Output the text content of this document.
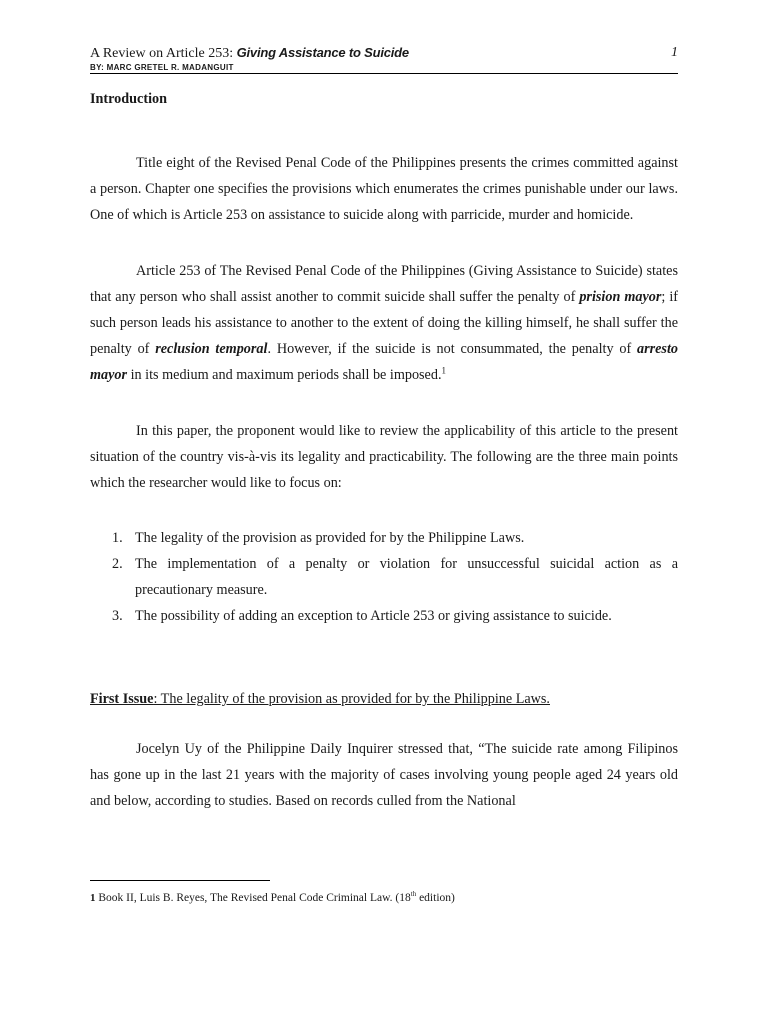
A Review on Article 253: Giving Assistance to Suicide	1
BY: MARC GRETEL R. MADANGUIT
Introduction

Title eight of the Revised Penal Code of the Philippines presents the crimes committed against a person. Chapter one specifies the provisions which enumerates the crimes punishable under our laws. One of which is Article 253 on assistance to suicide along with parricide, murder and homicide.

Article 253 of The Revised Penal Code of the Philippines (Giving Assistance to Suicide) states that any person who shall assist another to commit suicide shall suffer the penalty of prision mayor; if such person leads his assistance to another to the extent of doing the killing himself, he shall suffer the penalty of reclusion temporal. However, if the suicide is not consummated, the penalty of arresto mayor in its medium and maximum periods shall be imposed.$^1$

In this paper, the proponent would like to review the applicability of this article to the present situation of the country vis-à-vis its legality and practicability. The following are the three main points which the researcher would like to focus on:

1. The legality of the provision as provided for by the Philippine Laws.
2. The implementation of a penalty or violation for unsuccessful suicidal action as a precautionary measure.
3. The possibility of adding an exception to Article 253 or giving assistance to suicide.
First Issue: The legality of the provision as provided for by the Philippine Laws.

Jocelyn Uy of the Philippine Daily Inquirer stressed that, “The suicide rate among Filipinos has gone up in the last 21 years with the majority of cases involving young people aged 24 years old and below, according to studies. Based on records culled from the National

1 Book II, Luis B. Reyes, The Revised Penal Code Criminal Law. (18th edition)
